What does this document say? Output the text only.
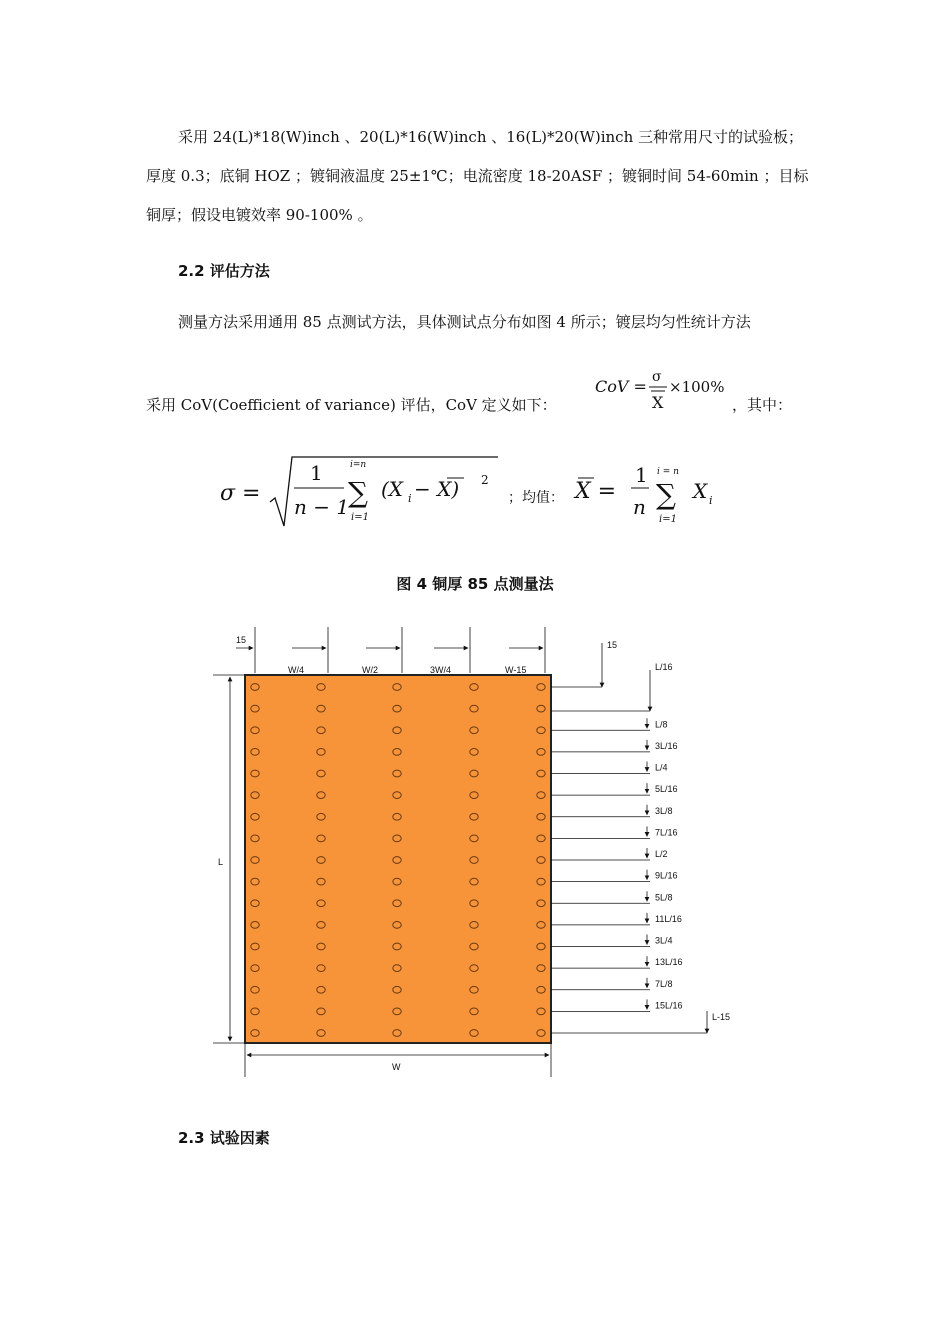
采用 24(L)*18(W)inch 、20(L)*16(W)inch 、16(L)*20(W)inch 三种常用尺寸的试验板；
厚度 0.3；底铜 HOZ ；镀铜液温度 25±1℃；电流密度 18-20ASF ；镀铜时间 54-60min ；目标
铜厚；假设电镀效率 90-100% 。
2.2 评估方法
测量方法采用通用 85 点测试方法，具体测试点分布如图 4 所示；镀层均匀性统计方法
采用 CoV(Coefficient of variance) 评估，CoV 定义如下：
CoV = σ
X
×100%
，其中：
σ =
1
n − 1
i=n
∑
i=1
(X i − X) 2
；均值： X =
1
n
i = n
∑
i=1
X i
图 4 铜厚 85 点测量法
L
W
15	15
L/16
L-15
W/4	W/2	3W/4	W-15
L/8
3L/16
L/4
5L/16
3L/8
7L/16
L/2
9L/16
5L/8
11L/16
3L/4
13L/16
7L/8
15L/16
2.3 试验因素
